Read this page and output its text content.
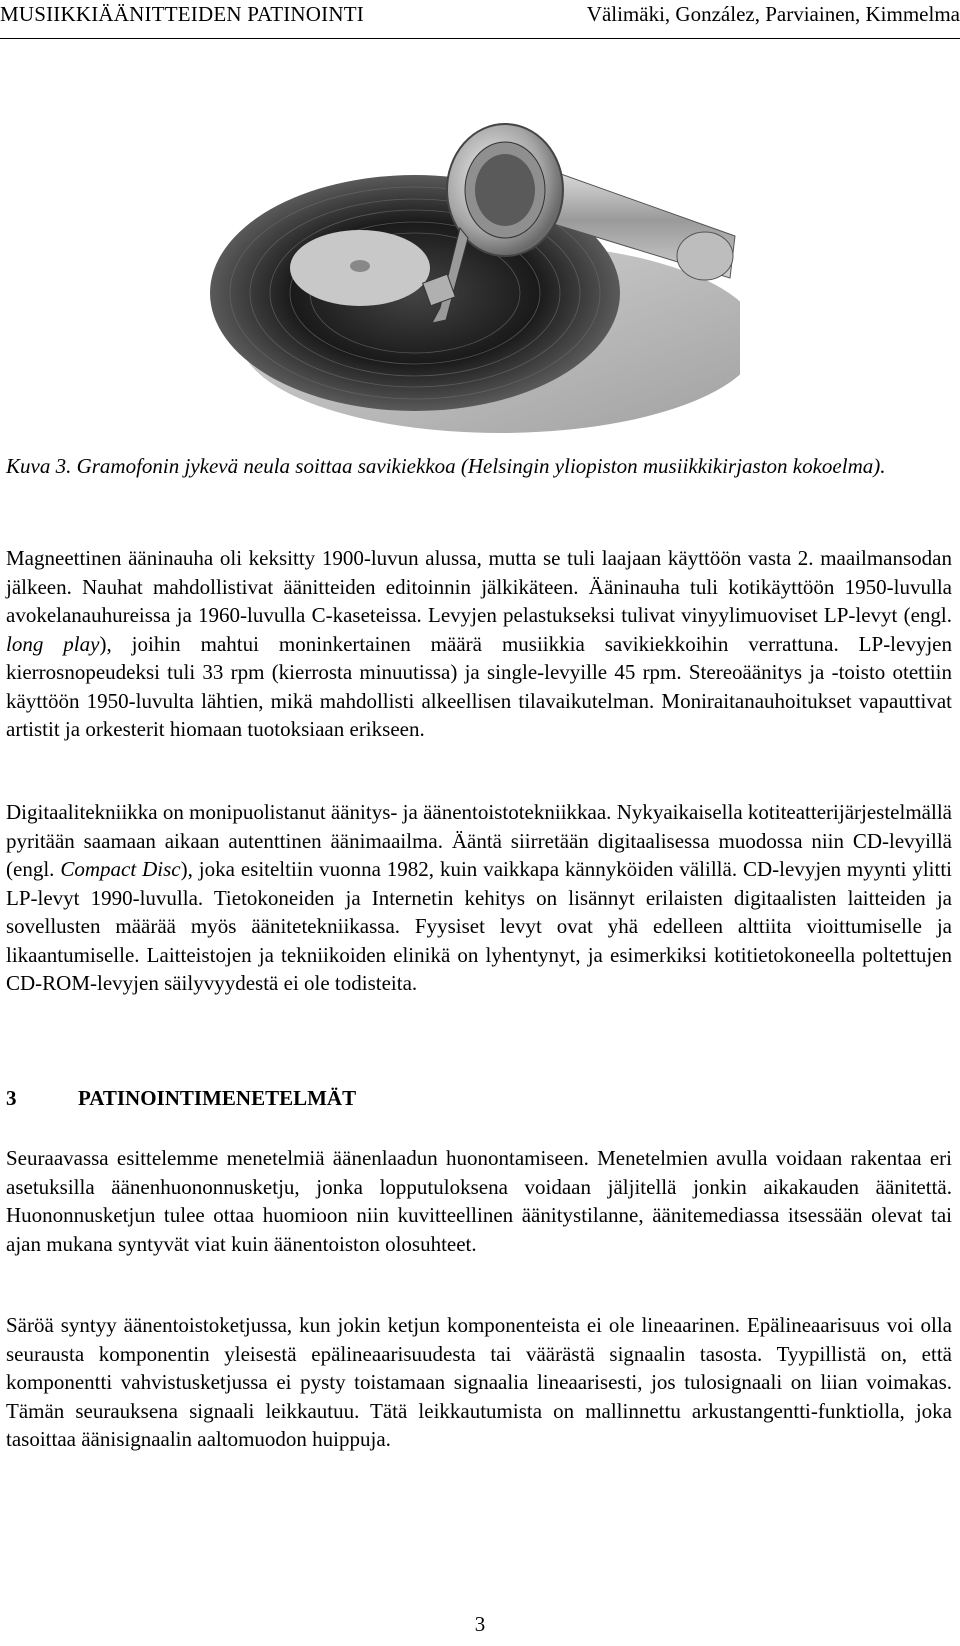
MUSIIKKIÄÄNITTEIDEN PATINOINTI	Välimäki, González, Parviainen, Kimmelma
Kuva 3. Gramofonin jykevä neula soittaa savikiekkoa (Helsingin yliopiston musiikkikirjaston kokoelma).

Magneettinen ääninauha oli keksitty 1900-luvun alussa, mutta se tuli laajaan käyttöön vasta 2. maailmansodan jälkeen. Nauhat mahdollistivat äänitteiden editoinnin jälkikäteen. Ääninauha tuli kotikäyttöön 1950-luvulla avokelanauhureissa ja 1960-luvulla C-kaseteissa. Levyjen pelastukseksi tulivat vinyylimuoviset LP-levyt (engl. long play), joihin mahtui moninkertainen määrä musiikkia savikiekkoihin verrattuna. LP-levyjen kierrosnopeudeksi tuli 33 rpm (kierrosta minuutissa) ja single-levyille 45 rpm. Stereoäänitys ja -toisto otettiin käyttöön 1950-luvulta lähtien, mikä mahdollisti alkeellisen tilavaikutelman. Moniraitanauhoitukset vapauttivat artistit ja orkesterit hiomaan tuotoksiaan erikseen.

Digitaalitekniikka on monipuolistanut äänitys- ja äänentoistotekniikkaa. Nykyaikaisella kotiteatterijärjestelmällä pyritään saamaan aikaan autenttinen äänimaailma. Ääntä siirretään digitaalisessa muodossa niin CD-levyillä (engl. Compact Disc), joka esiteltiin vuonna 1982, kuin vaikkapa kännyköiden välillä. CD-levyjen myynti ylitti LP-levyt 1990-luvulla. Tietokoneiden ja Internetin kehitys on lisännyt erilaisten digitaalisten laitteiden ja sovellusten määrää myös äänitetekniikassa. Fyysiset levyt ovat yhä edelleen alttiita vioittumiselle ja likaantumiselle. Laitteistojen ja tekniikoiden elinikä on lyhentynyt, ja esimerkiksi kotitietokoneella poltettujen CD-ROM-levyjen säilyvyydestä ei ole todisteita.

3	PATINOINTIMENETELMÄT

Seuraavassa esittelemme menetelmiä äänenlaadun huonontamiseen. Menetelmien avulla voidaan rakentaa eri asetuksilla äänenhuononnusketju, jonka lopputuloksena voidaan jäljitellä jonkin aikakauden äänitettä. Huononnusketjun tulee ottaa huomioon niin kuvitteellinen äänitystilanne, äänitemediassa itsessään olevat tai ajan mukana syntyvät viat kuin äänentoiston olosuhteet.

Säröä syntyy äänentoistoketjussa, kun jokin ketjun komponenteista ei ole lineaarinen. Epälineaarisuus voi olla seurausta komponentin yleisestä epälineaarisuudesta tai väärästä signaalin tasosta. Tyypillistä on, että komponentti vahvistusketjussa ei pysty toistamaan signaalia lineaarisesti, jos tulosignaali on liian voimakas. Tämän seurauksena signaali leikkautuu. Tätä leikkautumista on mallinnettu arkustangentti-funktiolla, joka tasoittaa äänisignaalin aaltomuodon huippuja.

3
